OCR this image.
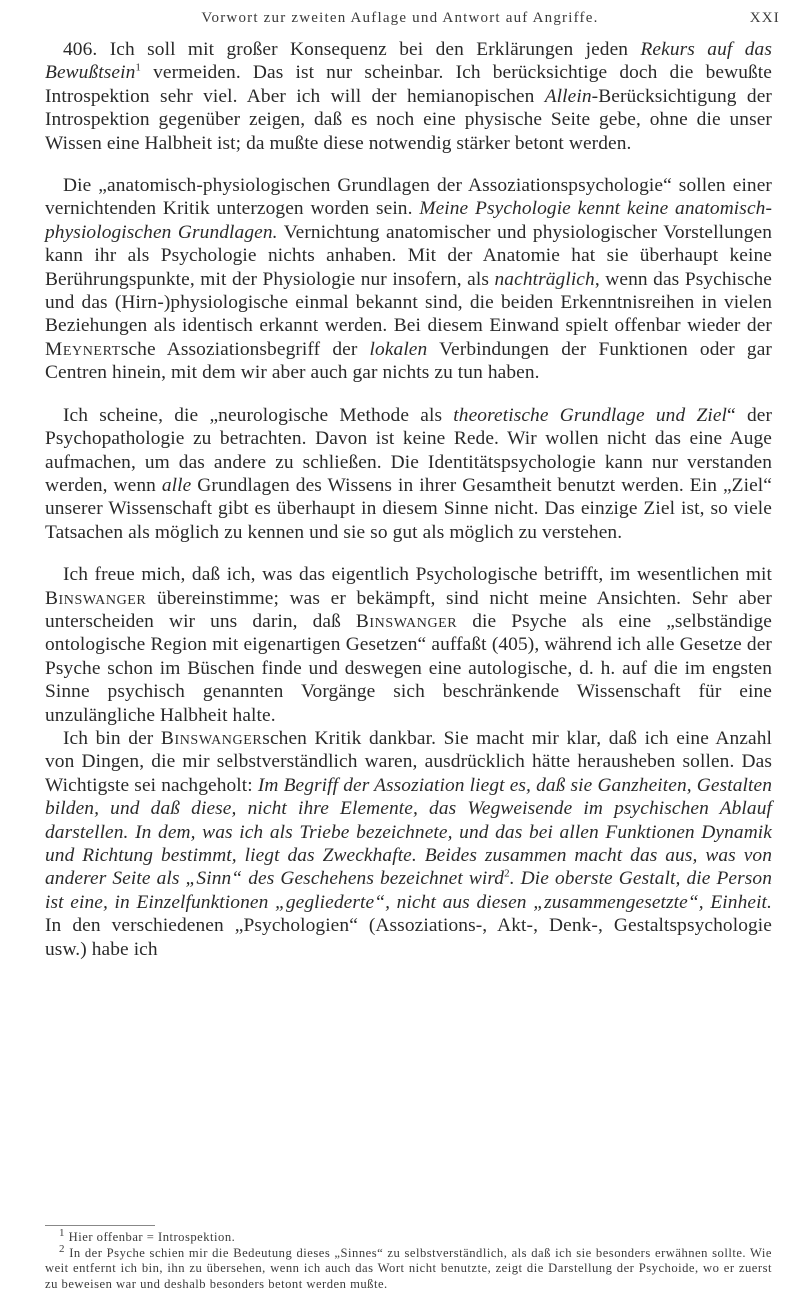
Vorwort zur zweiten Auflage und Antwort auf Angriffe.	XXI

406. Ich soll mit großer Konsequenz bei den Erklärungen jeden Rekurs auf das Bewußtsein$^1$ vermeiden. Das ist nur scheinbar. Ich berücksichtige doch die bewußte Introspektion sehr viel. Aber ich will der hemianopischen Allein-Berücksichtigung der Introspektion gegenüber zeigen, daß es noch eine physische Seite gebe, ohne die unser Wissen eine Halbheit ist; da mußte diese notwendig stärker betont werden.

Die „anatomisch-physiologischen Grundlagen der Assoziationspsychologie“ sollen einer vernichtenden Kritik unterzogen worden sein. Meine Psychologie kennt keine anatomisch-physiologischen Grundlagen. Vernichtung anatomischer und physiologischer Vorstellungen kann ihr als Psychologie nichts anhaben. Mit der Anatomie hat sie überhaupt keine Berührungspunkte, mit der Physiologie nur insofern, als nachträglich, wenn das Psychische und das (Hirn-)physiologische einmal bekannt sind, die beiden Erkenntnisreihen in vielen Beziehungen als identisch erkannt werden. Bei diesem Einwand spielt offenbar wieder der Meynertsche Assoziationsbegriff der lokalen Verbindungen der Funktionen oder gar Centren hinein, mit dem wir aber auch gar nichts zu tun haben.

Ich scheine, die „neurologische Methode als theoretische Grundlage und Ziel“ der Psychopathologie zu betrachten. Davon ist keine Rede. Wir wollen nicht das eine Auge aufmachen, um das andere zu schließen. Die Identitätspsychologie kann nur verstanden werden, wenn alle Grundlagen des Wissens in ihrer Gesamtheit benutzt werden. Ein „Ziel“ unserer Wissenschaft gibt es überhaupt in diesem Sinne nicht. Das einzige Ziel ist, so viele Tatsachen als möglich zu kennen und sie so gut als möglich zu verstehen.

Ich freue mich, daß ich, was das eigentlich Psychologische betrifft, im wesentlichen mit Binswanger übereinstimme; was er bekämpft, sind nicht meine Ansichten. Sehr aber unterscheiden wir uns darin, daß Binswanger die Psyche als eine „selbständige ontologische Region mit eigenartigen Gesetzen“ auffaßt (405), während ich alle Gesetze der Psyche schon im Büschen finde und deswegen eine autologische, d. h. auf die im engsten Sinne psychisch genannten Vorgänge sich beschränkende Wissenschaft für eine unzulängliche Halbheit halte.

Ich bin der Binswangerschen Kritik dankbar. Sie macht mir klar, daß ich eine Anzahl von Dingen, die mir selbstverständlich waren, ausdrücklich hätte herausheben sollen. Das Wichtigste sei nachgeholt: Im Begriff der Assoziation liegt es, daß sie Ganzheiten, Gestalten bilden, und daß diese, nicht ihre Elemente, das Wegweisende im psychischen Ablauf darstellen. In dem, was ich als Triebe bezeichnete, und das bei allen Funktionen Dynamik und Richtung bestimmt, liegt das Zweckhafte. Beides zusammen macht das aus, was von anderer Seite als „Sinn“ des Geschehens bezeichnet wird$^2$. Die oberste Gestalt, die Person ist eine, in Einzelfunktionen „gegliederte“, nicht aus diesen „zusammengesetzte“, Einheit. In den verschiedenen „Psychologien“ (Assoziations-, Akt-, Denk-, Gestaltspsychologie usw.) habe ich

$^1$ Hier offenbar = Introspektion.
$^2$ In der Psyche schien mir die Bedeutung dieses „Sinnes“ zu selbstverständlich, als daß ich sie besonders erwähnen sollte. Wie weit entfernt ich bin, ihn zu übersehen, wenn ich auch das Wort nicht benutzte, zeigt die Darstellung der Psychoide, wo er zuerst zu beweisen war und deshalb besonders betont werden mußte.
